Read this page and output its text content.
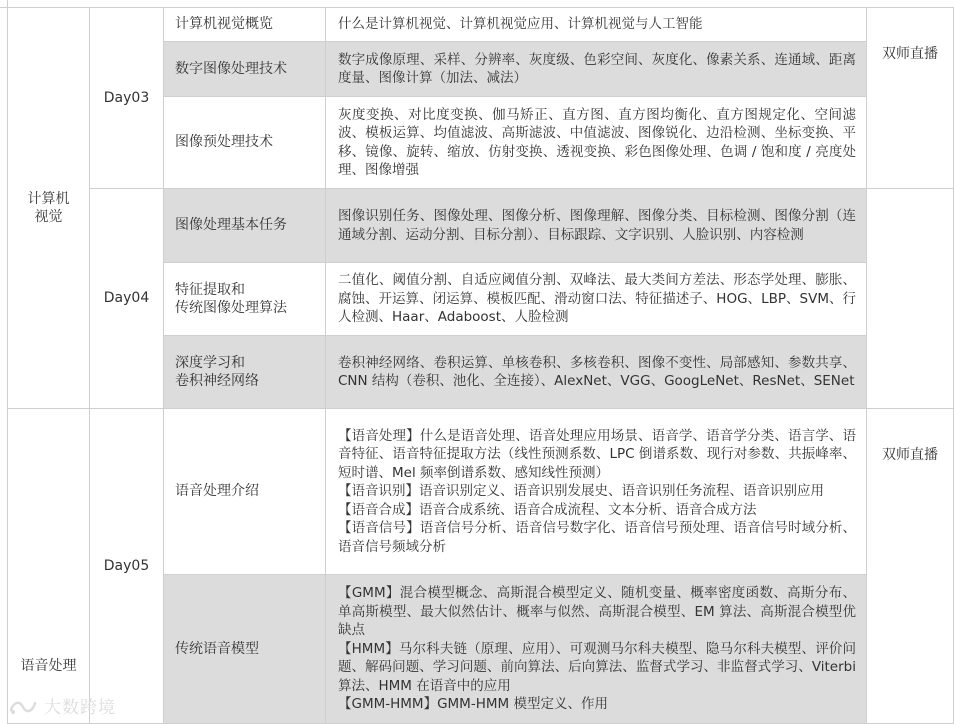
计算机视觉概览	什么是计算机视觉、计算机视觉应用、计算机视觉与人工智能
数字图像处理技术
数字成像原理、采样、分辨率、灰度级、色彩空间、灰度化、像素关系、连通域、距离度量、图像计算（加法、减法）
图像预处理技术
灰度变换、对比度变换、伽马矫正、直方图、直方图均衡化、直方图规定化、空间滤波、模板运算、均值滤波、高斯滤波、中值滤波、图像锐化、边沿检测、坐标变换、平移、镜像、旋转、缩放、仿射变换、透视变换、彩色图像处理、色调 / 饱和度 / 亮度处理、图像增强
Day03
图像处理基本任务
图像识别任务、图像处理、图像分析、图像理解、图像分类、目标检测、图像分割（连通域分割、运动分割、目标分割）、目标跟踪、文字识别、人脸识别、内容检测
特征提取和
传统图像处理算法
二值化、阈值分割、自适应阈值分割、双峰法、最大类间方差法、形态学处理、膨胀、腐蚀、开运算、闭运算、模板匹配、滑动窗口法、特征描述子、HOG、LBP、SVM、行人检测、Haar、Adaboost、人脸检测
深度学习和
卷积神经网络
卷积神经网络、卷积运算、单核卷积、多核卷积、图像不变性、局部感知、参数共享、CNN 结构（卷积、池化、全连接）、AlexNet、VGG、GoogLeNet、ResNet、SENet
Day04
计算机
视觉
语音处理介绍
【语音处理】什么是语音处理、语音处理应用场景、语音学、语音学分类、语言学、语音特征、语音特征提取方法（线性预测系数、LPC 倒谱系数、现行对参数、共振峰率、短时谱、Mel 频率倒谱系数、感知线性预测）
【语音识别】语音识别定义、语音识别发展史、语音识别任务流程、语音识别应用
【语音合成】语音合成系统、语音合成流程、文本分析、语音合成方法
【语音信号】语音信号分析、语音信号数字化、语音信号预处理、语音信号时域分析、语音信号频域分析
传统语音模型
【GMM】混合模型概念、高斯混合模型定义、随机变量、概率密度函数、高斯分布、单高斯模型、最大似然估计、概率与似然、高斯混合模型、EM 算法、高斯混合模型优缺点
【HMM】马尔科夫链（原理、应用）、可观测马尔科夫模型、隐马尔科夫模型、评价问题、解码问题、学习问题、前向算法、后向算法、监督式学习、非监督式学习、Viterbi 算法、HMM 在语音中的应用
【GMM-HMM】GMM-HMM 模型定义、作用
Day05
语音处理
双师直播
双师直播
大数跨境
